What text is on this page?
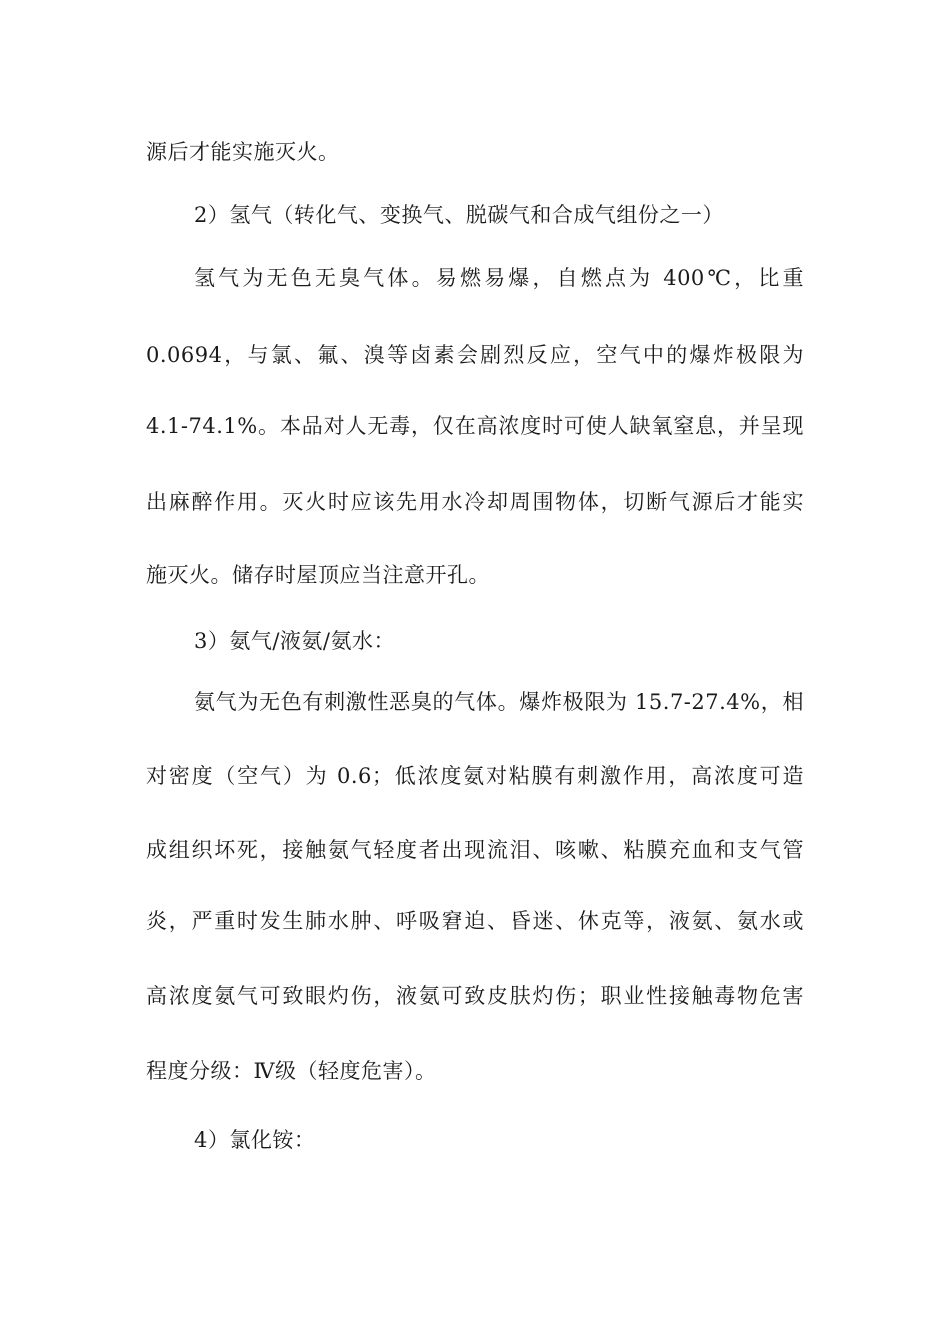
源后才能实施灭火。
2）氢气（转化气、变换气、脱碳气和合成气组份之一）
氢气为无色无臭气体。易燃易爆，自燃点为 400℃，比重
0.0694，与氯、氟、溴等卤素会剧烈反应，空气中的爆炸极限为
4.1-74.1%。本品对人无毒，仅在高浓度时可使人缺氧窒息，并呈现
出麻醉作用。灭火时应该先用水冷却周围物体，切断气源后才能实
施灭火。储存时屋顶应当注意开孔。
3）氨气/液氨/氨水：
氨气为无色有刺激性恶臭的气体。爆炸极限为 15.7-27.4%，相
对密度（空气）为 0.6；低浓度氨对粘膜有刺激作用，高浓度可造
成组织坏死，接触氨气轻度者出现流泪、咳嗽、粘膜充血和支气管
炎，严重时发生肺水肿、呼吸窘迫、昏迷、休克等，液氨、氨水或
高浓度氨气可致眼灼伤，液氨可致皮肤灼伤；职业性接触毒物危害
程度分级：Ⅳ级（轻度危害）。
4）氯化铵：
